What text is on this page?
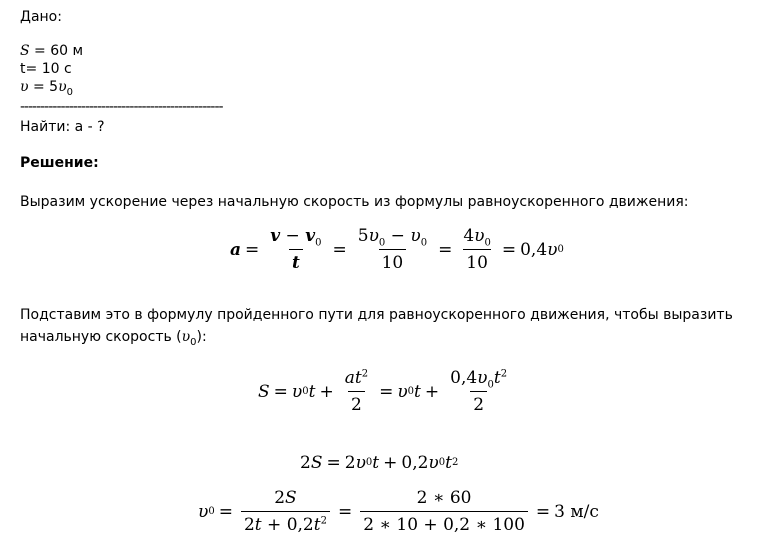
Дано:
S = 60 м
t= 10 с
$\upsilon = 5\upsilon_0$
--------------------------------------------------
Найти: а - ?
Решение:
Выразим ускорение через начальную скорость из формулы равноускоренного движения:
$a = \frac{v - v_0}{t} = \frac{5\upsilon_0 - \upsilon_0}{10} = \frac{4\upsilon_0}{10} = 0,4$ υ 0
Подставим это в формулу пройденного пути для равноускоренного движения, чтобы выразить
начальную скорость $(\upsilon_0)$:
S = υ 0 $t + \frac{at^2}{2} = \upsilon$ 0 $t + \frac{0,4\upsilon_0t^2}{2}$
2 S = 2 υ 0 t + 0,2 υ 0 t 2
υ $0 = \frac{2S}{2t + 0,2t^2} = \frac{2 ∗ 60}{2 ∗ 10 + 0,2 ∗ 100} = 3$ м/с
